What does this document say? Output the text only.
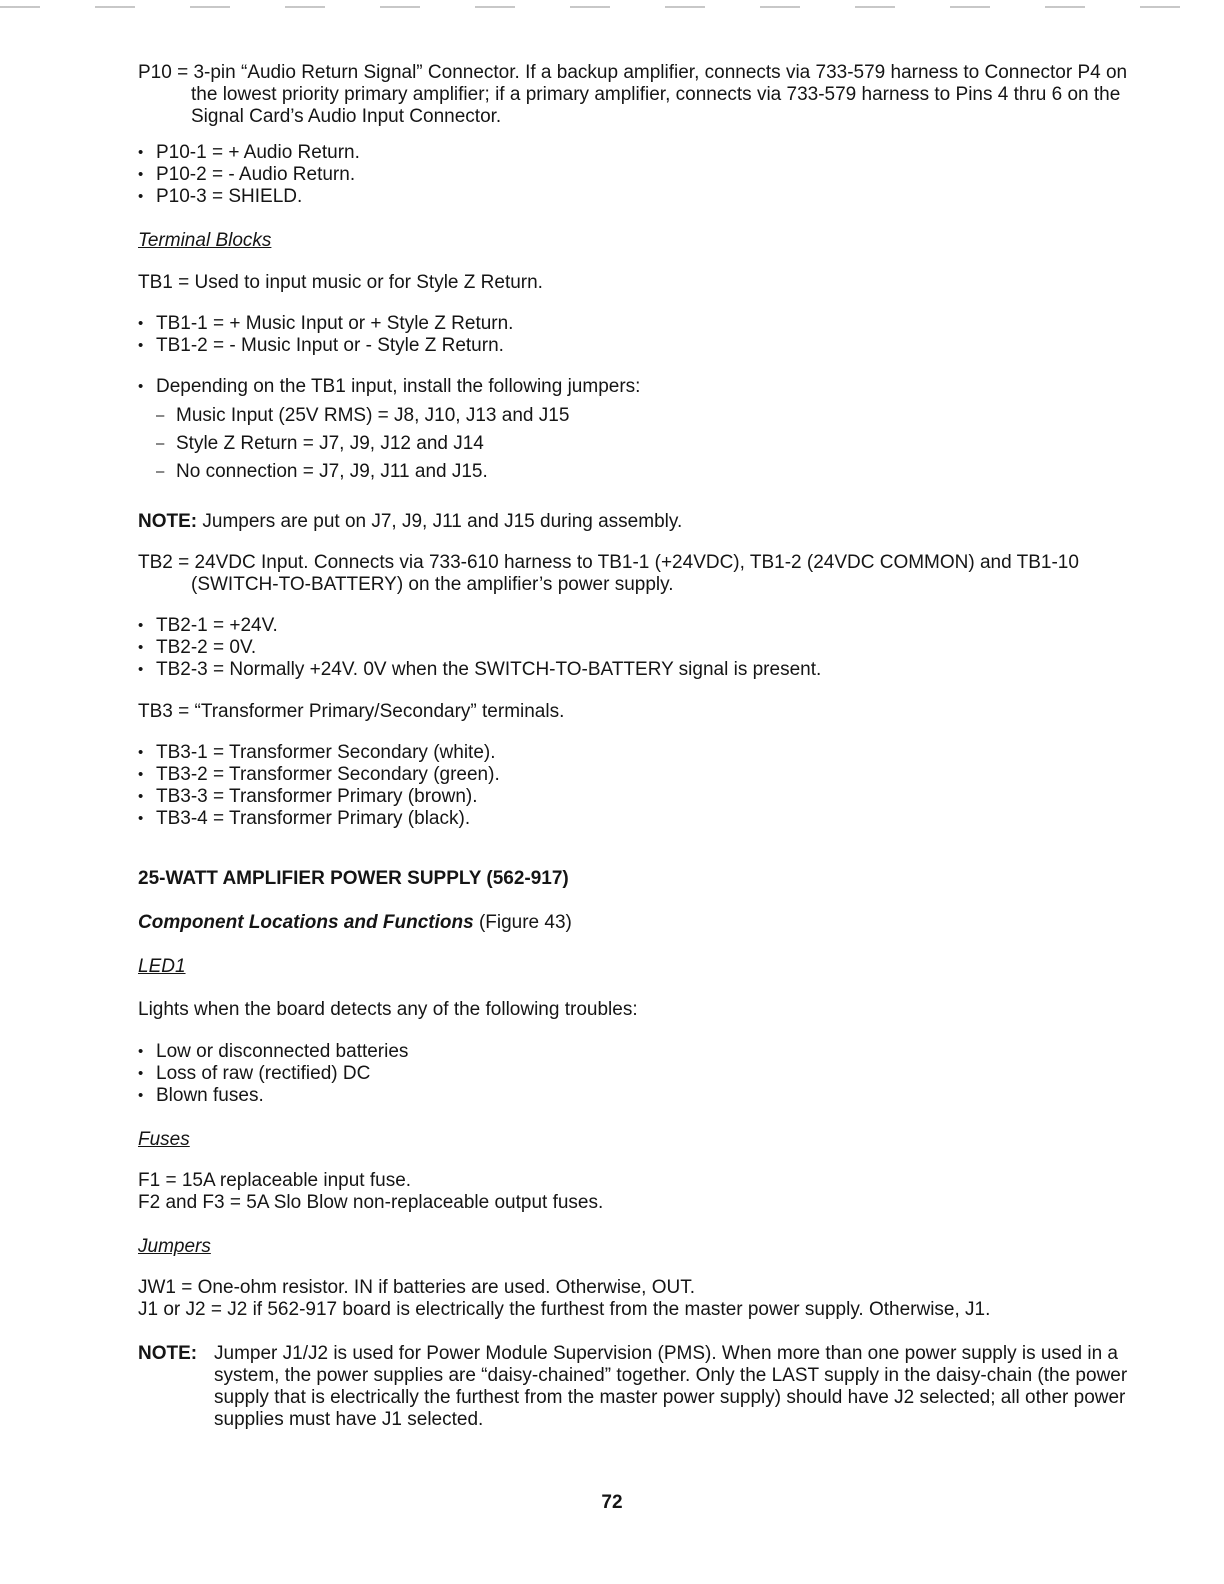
P10 = 3-pin “Audio Return Signal” Connector. If a backup amplifier, connects via 733-579 harness to Connector P4 on the lowest priority primary amplifier; if a primary amplifier, connects via 733-579 harness to Pins 4 thru 6 on the Signal Card’s Audio Input Connector.

• P10-1 = + Audio Return.
• P10-2 = - Audio Return.
• P10-3 = SHIELD.

Terminal Blocks

TB1 = Used to input music or for Style Z Return.

• TB1-1 = + Music Input or + Style Z Return.
• TB1-2 = - Music Input or - Style Z Return.
• Depending on the TB1 input, install the following jumpers:
– Music Input (25V RMS) = J8, J10, J13 and J15
– Style Z Return = J7, J9, J12 and J14
– No connection = J7, J9, J11 and J15.

NOTE: Jumpers are put on J7, J9, J11 and J15 during assembly.

TB2 = 24VDC Input. Connects via 733-610 harness to TB1-1 (+24VDC), TB1-2 (24VDC COMMON) and TB1-10 (SWITCH-TO-BATTERY) on the amplifier’s power supply.

• TB2-1 = +24V.
• TB2-2 = 0V.
• TB2-3 = Normally +24V. 0V when the SWITCH-TO-BATTERY signal is present.

TB3 = “Transformer Primary/Secondary” terminals.

• TB3-1 = Transformer Secondary (white).
• TB3-2 = Transformer Secondary (green).
• TB3-3 = Transformer Primary (brown).
• TB3-4 = Transformer Primary (black).

25-WATT AMPLIFIER POWER SUPPLY (562-917)

Component Locations and Functions (Figure 43)

LED1

Lights when the board detects any of the following troubles:

• Low or disconnected batteries
• Loss of raw (rectified) DC
• Blown fuses.

Fuses

F1 = 15A replaceable input fuse.

F2 and F3 = 5A Slo Blow non-replaceable output fuses.

Jumpers

JW1 = One-ohm resistor. IN if batteries are used. Otherwise, OUT.

J1 or J2 = J2 if 562-917 board is electrically the furthest from the master power supply. Otherwise, J1.

NOTE: Jumper J1/J2 is used for Power Module Supervision (PMS). When more than one power supply is used in a system, the power supplies are “daisy-chained” together. Only the LAST supply in the daisy-chain (the power supply that is electrically the furthest from the master power supply) should have J2 selected; all other power supplies must have J1 selected.
72
